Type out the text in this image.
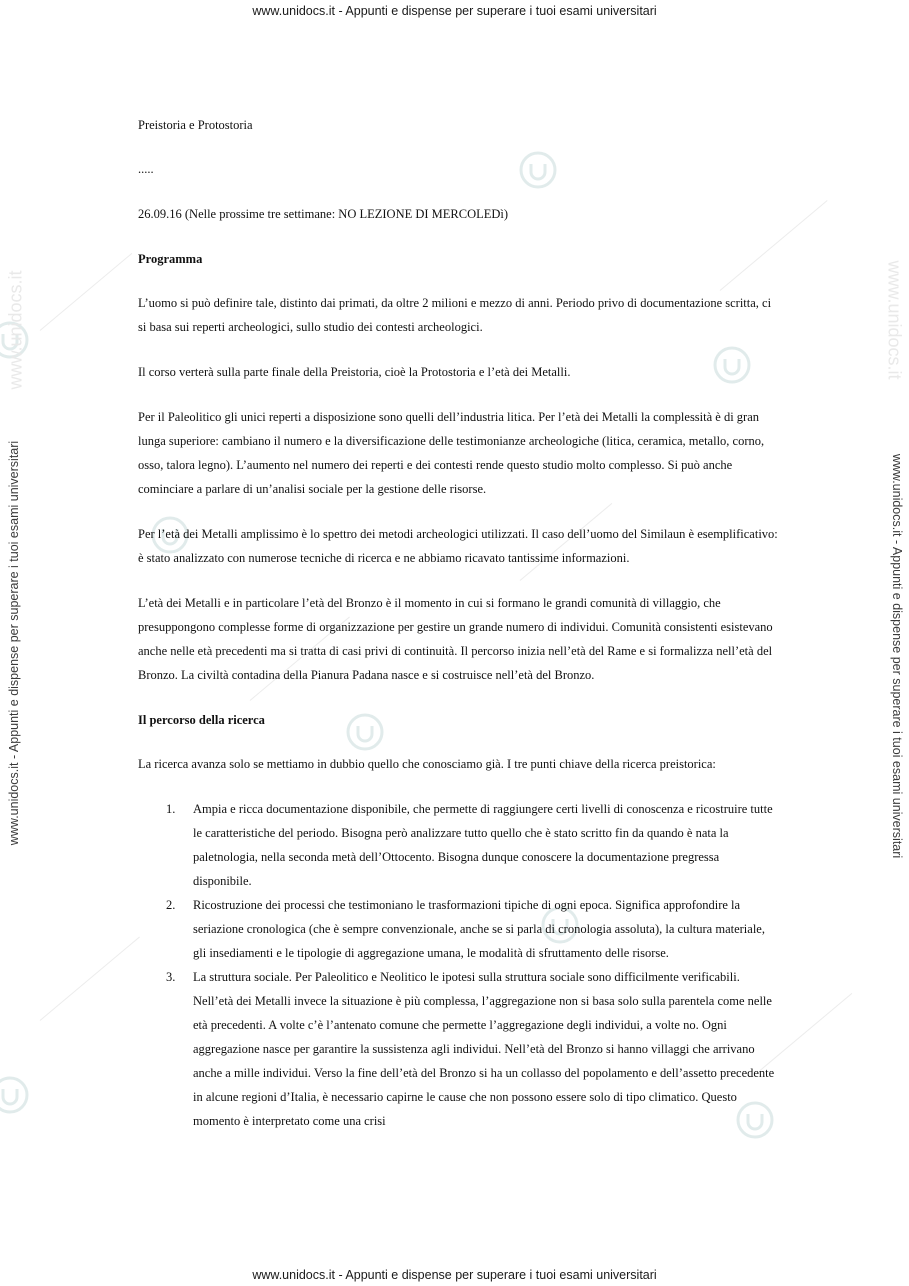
www.unidocs.it	www.unidocs.it
www.unidocs.it - Appunti e dispense per superare i tuoi esami universitari
www.unidocs.it - Appunti e dispense per superare i tuoi esami universitari
www.unidocs.it - Appunti e dispense per superare i tuoi esami universitari	www.unidocs.it - Appunti e dispense per superare i tuoi esami universitari

Preistoria e Protostoria

.....

26.09.16 (Nelle prossime tre settimane: NO LEZIONE DI MERCOLEDì)

Programma

L’uomo si può definire tale, distinto dai primati, da oltre 2 milioni e mezzo di anni. Periodo privo di documentazione scritta, ci si basa sui reperti archeologici, sullo studio dei contesti archeologici.

Il corso verterà sulla parte finale della Preistoria, cioè la Protostoria e l’età dei Metalli.

Per il Paleolitico gli unici reperti a disposizione sono quelli dell’industria litica. Per l’età dei Metalli la complessità è di gran lunga superiore: cambiano il numero e la diversificazione delle testimonianze archeologiche (litica, ceramica, metallo, corno, osso, talora legno). L’aumento nel numero dei reperti e dei contesti rende questo studio molto complesso. Si può anche cominciare a parlare di un’analisi sociale per la gestione delle risorse.

Per l’età dei Metalli amplissimo è lo spettro dei metodi archeologici utilizzati. Il caso dell’uomo del Similaun è esemplificativo: è stato analizzato con numerose tecniche di ricerca e ne abbiamo ricavato tantissime informazioni.

L’età dei Metalli e in particolare l’età del Bronzo è il momento in cui si formano le grandi comunità di villaggio, che presuppongono complesse forme di organizzazione per gestire un grande numero di individui. Comunità consistenti esistevano anche nelle età precedenti ma si tratta di casi privi di continuità. Il percorso inizia nell’età del Rame e si formalizza nell’età del Bronzo. La civiltà contadina della Pianura Padana nasce e si costruisce nell’età del Bronzo.

Il percorso della ricerca

La ricerca avanza solo se mettiamo in dubbio quello che conosciamo già. I tre punti chiave della ricerca preistorica:

1. Ampia e ricca documentazione disponibile, che permette di raggiungere certi livelli di conoscenza e ricostruire tutte le caratteristiche del periodo. Bisogna però analizzare tutto quello che è stato scritto fin da quando è nata la paletnologia, nella seconda metà dell’Ottocento. Bisogna dunque conoscere la documentazione pregressa disponibile.
2. Ricostruzione dei processi che testimoniano le trasformazioni tipiche di ogni epoca. Significa approfondire la seriazione cronologica (che è sempre convenzionale, anche se si parla di cronologia assoluta), la cultura materiale, gli insediamenti e le tipologie di aggregazione umana, le modalità di sfruttamento delle risorse.
3. La struttura sociale. Per Paleolitico e Neolitico le ipotesi sulla struttura sociale sono difficilmente verificabili. Nell’età dei Metalli invece la situazione è più complessa, l’aggregazione non si basa solo sulla parentela come nelle età precedenti. A volte c’è l’antenato comune che permette l’aggregazione degli individui, a volte no. Ogni aggregazione nasce per garantire la sussistenza agli individui. Nell’età del Bronzo si hanno villaggi che arrivano anche a mille individui. Verso la fine dell’età del Bronzo si ha un collasso del popolamento e dell’assetto precedente in alcune regioni d’Italia, è necessario capirne le cause che non possono essere solo di tipo climatico. Questo momento è interpretato come una crisi
